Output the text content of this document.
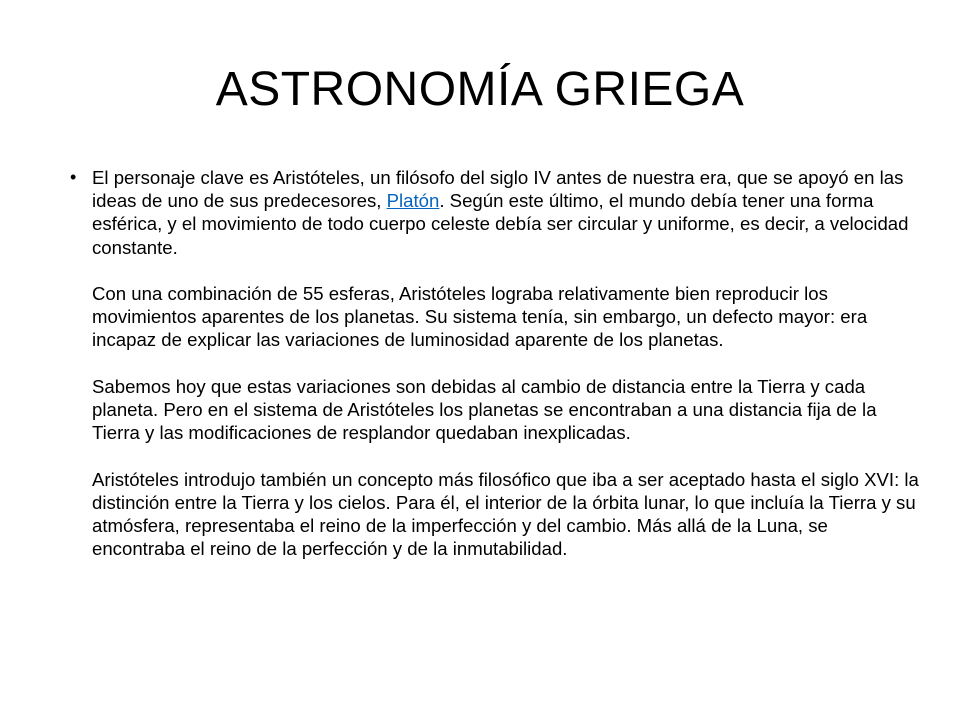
ASTRONOMÍA GRIEGA
• El personaje clave es Aristóteles, un filósofo del siglo IV antes de nuestra era, que se apoyó en las ideas de uno de sus predecesores, Platón. Según este último, el mundo debía tener una forma esférica, y el movimiento de todo cuerpo celeste debía ser circular y uniforme, es decir, a velocidad constante.

Con una combinación de 55 esferas, Aristóteles lograba relativamente bien reproducir los movimientos aparentes de los planetas. Su sistema tenía, sin embargo, un defecto mayor: era incapaz de explicar las variaciones de luminosidad aparente de los planetas.

Sabemos hoy que estas variaciones son debidas al cambio de distancia entre la Tierra y cada planeta. Pero en el sistema de Aristóteles los planetas se encontraban a una distancia fija de la Tierra y las modificaciones de resplandor quedaban inexplicadas.

Aristóteles introdujo también un concepto más filosófico que iba a ser aceptado hasta el siglo XVI: la distinción entre la Tierra y los cielos. Para él, el interior de la órbita lunar, lo que incluía la Tierra y su atmósfera, representaba el reino de la imperfección y del cambio. Más allá de la Luna, se encontraba el reino de la perfección y de la inmutabilidad.
